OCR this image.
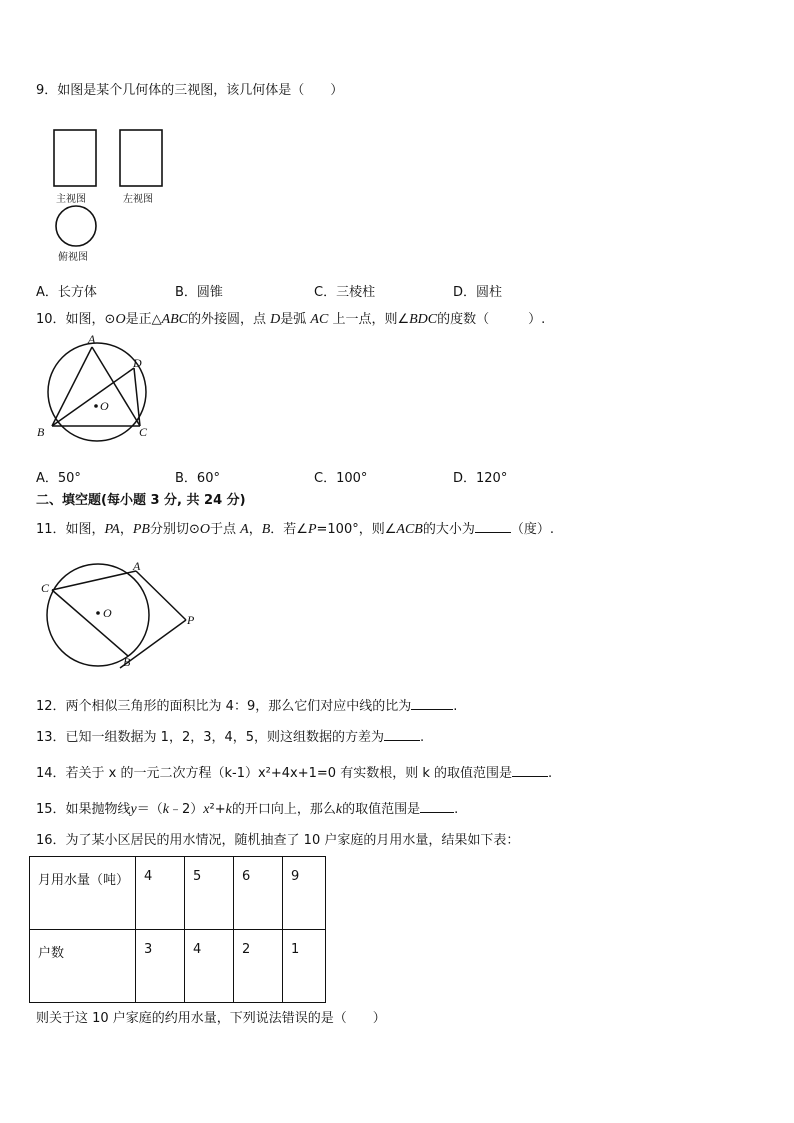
9．如图是某个几何体的三视图，该几何体是（　　）
主视图	左视图
俯视图
A．长方体	B．圆锥	C．三棱柱	D．圆柱
10．如图，⊙O是正△ABC的外接圆，点 D是弧 AC 上一点，则∠BDC的度数（　　　）.
A
B	C
D
O
A．50°	B．60°	C．100°	D．120°
二、填空题(每小题 3 分, 共 24 分)
11．如图，PA，PB分别切⊙O于点 A，B．若∠P=100°，则∠ACB的大小为	（度）.
A
B
C
O	P
12．两个相似三角形的面积比为 4：9，那么它们对应中线的比为	.
13．已知一组数据为 1，2，3，4，5，则这组数据的方差为	.
14．若关于 x 的一元二次方程（k-1）x²+4x+1=0 有实数根，则 k 的取值范围是	.
15．如果抛物线y＝（k﹣2）x²+k的开口向上，那么k的取值范围是	.
16．为了某小区居民的用水情况，随机抽查了 10 户家庭的月用水量，结果如下表：
月用水量（吨）	4	5	6	9
户数	3	4	2	1
则关于这 10 户家庭的约用水量，下列说法错误的是（　　）
